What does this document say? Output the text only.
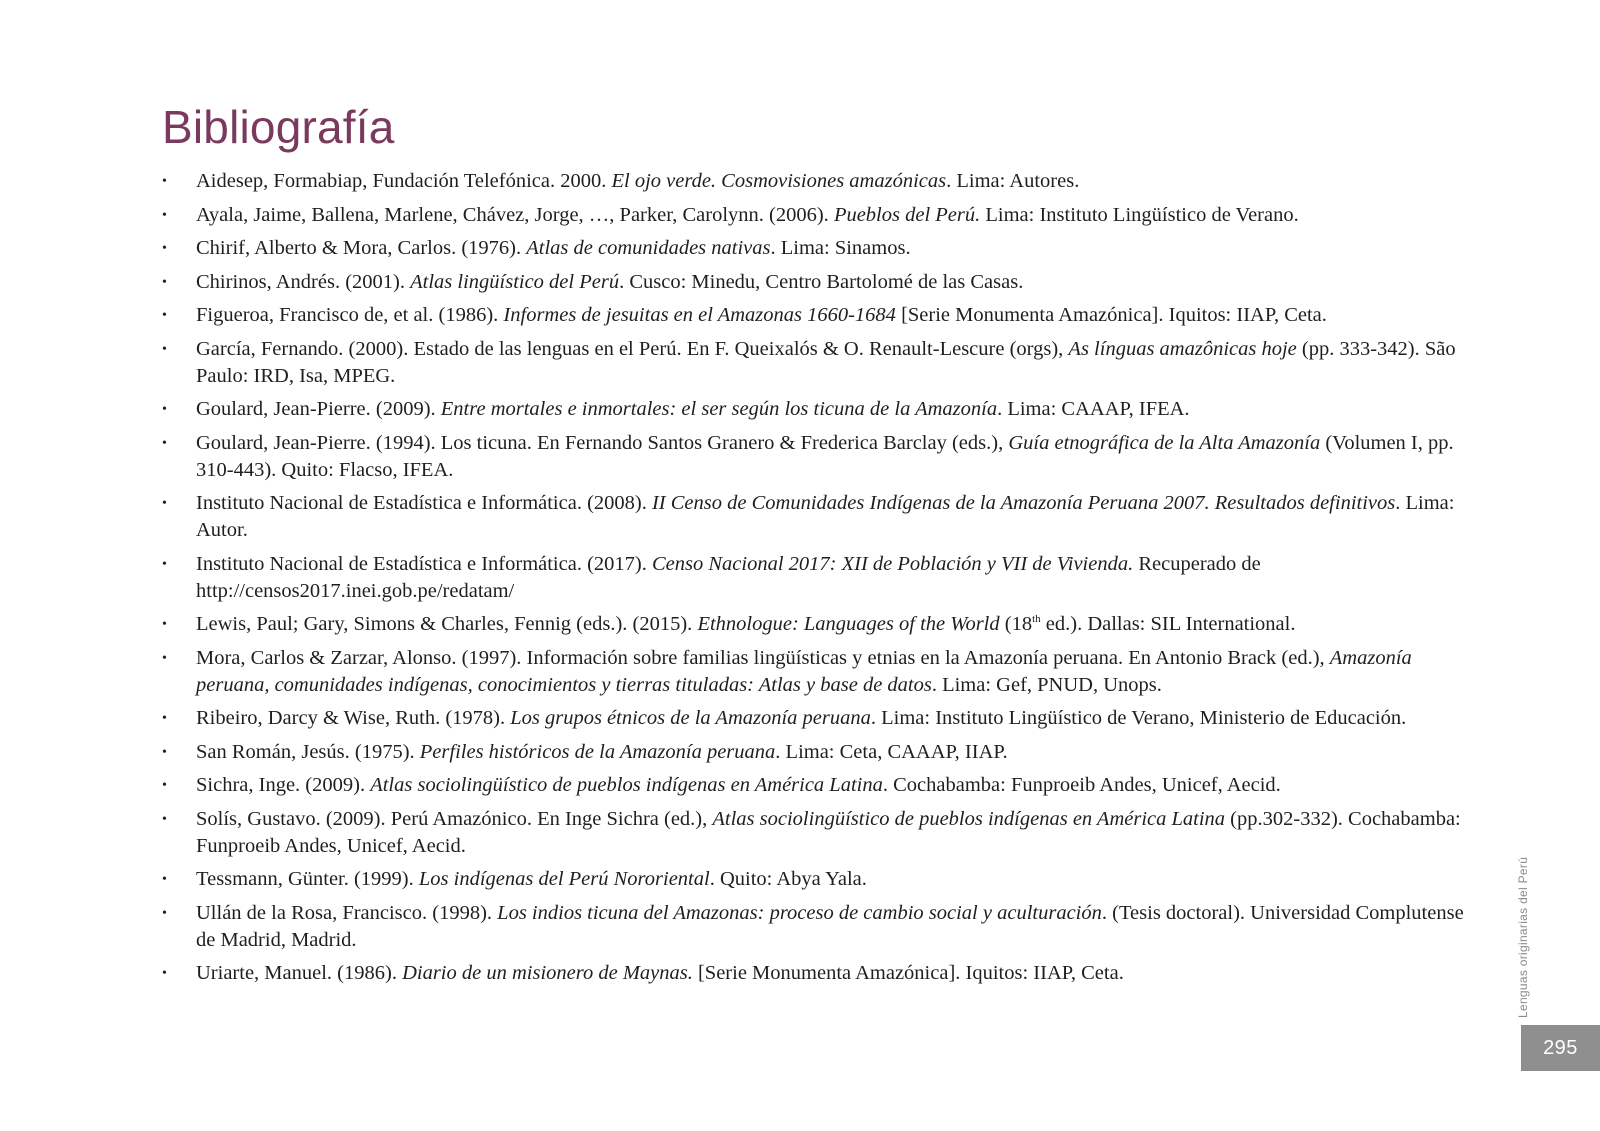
Bibliografía
•	Aidesep, Formabiap, Fundación Telefónica. 2000. El ojo verde. Cosmovisiones amazónicas. Lima: Autores.
•	Ayala, Jaime, Ballena, Marlene, Chávez, Jorge, …, Parker, Carolynn. (2006). Pueblos del Perú. Lima: Instituto Lingüístico de Verano.
•	Chirif, Alberto & Mora, Carlos. (1976). Atlas de comunidades nativas. Lima: Sinamos.
•	Chirinos, Andrés. (2001). Atlas lingüístico del Perú. Cusco: Minedu, Centro Bartolomé de las Casas.
•	Figueroa, Francisco de, et al. (1986). Informes de jesuitas en el Amazonas 1660-1684 [Serie Monumenta Amazónica]. Iquitos: IIAP, Ceta.
•	García, Fernando. (2000). Estado de las lenguas en el Perú. En F. Queixalós & O. Renault-Lescure (orgs), As línguas amazônicas hoje (pp. 333-342). São Paulo: IRD, Isa, MPEG.
•	Goulard, Jean-Pierre. (2009). Entre mortales e inmortales: el ser según los ticuna de la Amazonía. Lima: CAAAP, IFEA.
•	Goulard, Jean-Pierre. (1994). Los ticuna. En Fernando Santos Granero & Frederica Barclay (eds.), Guía etnográfica de la Alta Amazonía (Volumen I, pp. 310-443). Quito: Flacso, IFEA.
•	Instituto Nacional de Estadística e Informática. (2008). II Censo de Comunidades Indígenas de la Amazonía Peruana 2007. Resultados definitivos. Lima: Autor.
•	Instituto Nacional de Estadística e Informática. (2017). Censo Nacional 2017: XII de Población y VII de Vivienda. Recuperado de http://censos2017.inei.gob.pe/redatam/
•	Lewis, Paul; Gary, Simons & Charles, Fennig (eds.). (2015). Ethnologue: Languages of the World (18th ed.). Dallas: SIL International.
•	Mora, Carlos & Zarzar, Alonso. (1997). Información sobre familias lingüísticas y etnias en la Amazonía peruana. En Antonio Brack (ed.), Amazonía peruana, comunidades indígenas, conocimientos y tierras tituladas: Atlas y base de datos. Lima: Gef, PNUD, Unops.
•	Ribeiro, Darcy & Wise, Ruth. (1978). Los grupos étnicos de la Amazonía peruana. Lima: Instituto Lingüístico de Verano, Ministerio de Educación.
•	San Román, Jesús. (1975). Perfiles históricos de la Amazonía peruana. Lima: Ceta, CAAAP, IIAP.
•	Sichra, Inge. (2009). Atlas sociolingüístico de pueblos indígenas en América Latina. Cochabamba: Funproeib Andes, Unicef, Aecid.
•	Solís, Gustavo. (2009). Perú Amazónico. En Inge Sichra (ed.), Atlas sociolingüístico de pueblos indígenas en América Latina (pp.302-332). Cochabamba: Funproeib Andes, Unicef, Aecid.
•	Tessmann, Günter. (1999). Los indígenas del Perú Nororiental. Quito: Abya Yala.
•	Ullán de la Rosa, Francisco. (1998). Los indios ticuna del Amazonas: proceso de cambio social y aculturación. (Tesis doctoral). Universidad Complutense de Madrid, Madrid.
•	Uriarte, Manuel. (1986). Diario de un misionero de Maynas. [Serie Monumenta Amazónica]. Iquitos: IIAP, Ceta.	Lenguas originarias del Perú
295
